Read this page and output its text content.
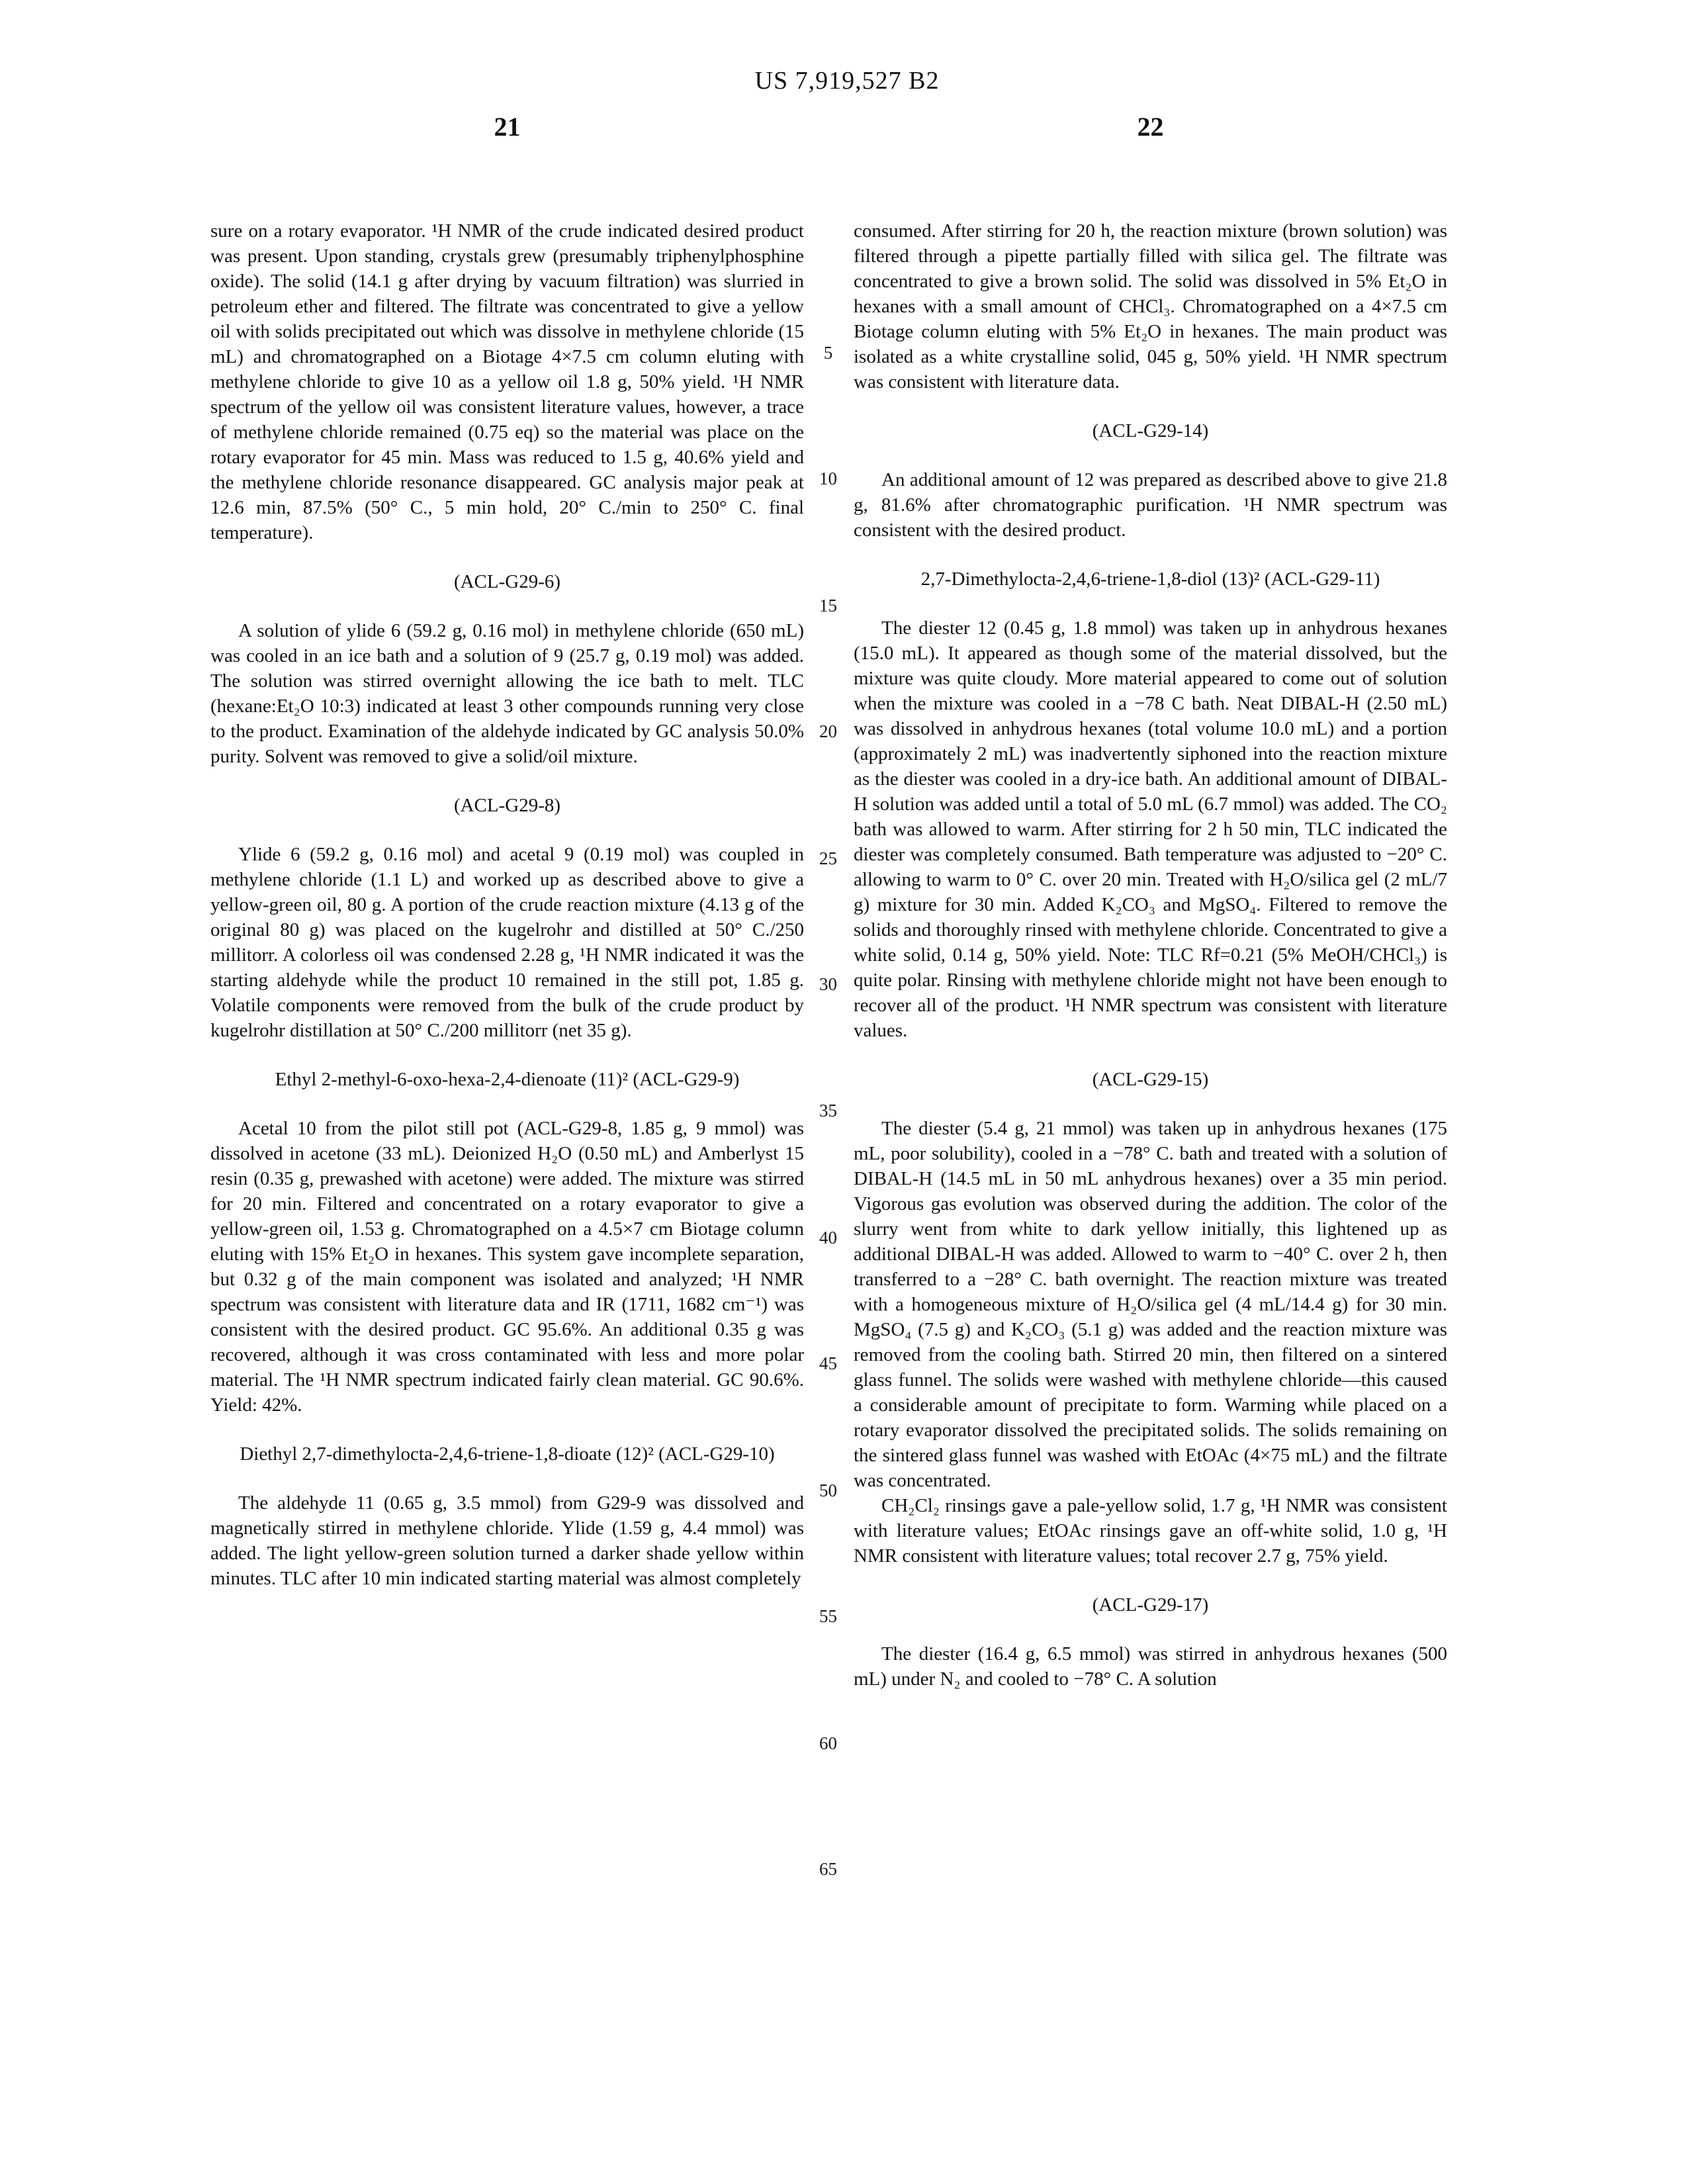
US 7,919,527 B2
21	22
5
10
15
20
25
30
35
40
45
50
55
60
65

sure on a rotary evaporator. ¹H NMR of the crude indicated desired product was present. Upon standing, crystals grew (presumably triphenylphosphine oxide). The solid (14.1 g after drying by vacuum filtration) was slurried in petroleum ether and filtered. The filtrate was concentrated to give a yellow oil with solids precipitated out which was dissolve in methylene chloride (15 mL) and chromatographed on a Biotage 4×7.5 cm column eluting with methylene chloride to give 10 as a yellow oil 1.8 g, 50% yield. ¹H NMR spectrum of the yellow oil was consistent literature values, however, a trace of methylene chloride remained (0.75 eq) so the material was place on the rotary evaporator for 45 min. Mass was reduced to 1.5 g, 40.6% yield and the methylene chloride resonance disappeared. GC analysis major peak at 12.6 min, 87.5% (50° C., 5 min hold, 20° C./min to 250° C. final temperature).

(ACL-G29-6)

A solution of ylide 6 (59.2 g, 0.16 mol) in methylene chloride (650 mL) was cooled in an ice bath and a solution of 9 (25.7 g, 0.19 mol) was added. The solution was stirred overnight allowing the ice bath to melt. TLC (hexane:Et₂O 10:3) indicated at least 3 other compounds running very close to the product. Examination of the aldehyde indicated by GC analysis 50.0% purity. Solvent was removed to give a solid/oil mixture.

(ACL-G29-8)

Ylide 6 (59.2 g, 0.16 mol) and acetal 9 (0.19 mol) was coupled in methylene chloride (1.1 L) and worked up as described above to give a yellow-green oil, 80 g. A portion of the crude reaction mixture (4.13 g of the original 80 g) was placed on the kugelrohr and distilled at 50° C./250 millitorr. A colorless oil was condensed 2.28 g, ¹H NMR indicated it was the starting aldehyde while the product 10 remained in the still pot, 1.85 g. Volatile components were removed from the bulk of the crude product by kugelrohr distillation at 50° C./200 millitorr (net 35 g).

Ethyl 2-methyl-6-oxo-hexa-2,4-dienoate (11)² (ACL-G29-9)

Acetal 10 from the pilot still pot (ACL-G29-8, 1.85 g, 9 mmol) was dissolved in acetone (33 mL). Deionized H₂O (0.50 mL) and Amberlyst 15 resin (0.35 g, prewashed with acetone) were added. The mixture was stirred for 20 min. Filtered and concentrated on a rotary evaporator to give a yellow-green oil, 1.53 g. Chromatographed on a 4.5×7 cm Biotage column eluting with 15% Et₂O in hexanes. This system gave incomplete separation, but 0.32 g of the main component was isolated and analyzed; ¹H NMR spectrum was consistent with literature data and IR (1711, 1682 cm⁻¹) was consistent with the desired product. GC 95.6%. An additional 0.35 g was recovered, although it was cross contaminated with less and more polar material. The ¹H NMR spectrum indicated fairly clean material. GC 90.6%. Yield: 42%.

Diethyl 2,7-dimethylocta-2,4,6-triene-1,8-dioate (12)² (ACL-G29-10)

The aldehyde 11 (0.65 g, 3.5 mmol) from G29-9 was dissolved and magnetically stirred in methylene chloride. Ylide (1.59 g, 4.4 mmol) was added. The light yellow-green solution turned a darker shade yellow within minutes. TLC after 10 min indicated starting material was almost completely

consumed. After stirring for 20 h, the reaction mixture (brown solution) was filtered through a pipette partially filled with silica gel. The filtrate was concentrated to give a brown solid. The solid was dissolved in 5% Et₂O in hexanes with a small amount of CHCl₃. Chromatographed on a 4×7.5 cm Biotage column eluting with 5% Et₂O in hexanes. The main product was isolated as a white crystalline solid, 045 g, 50% yield. ¹H NMR spectrum was consistent with literature data.

(ACL-G29-14)

An additional amount of 12 was prepared as described above to give 21.8 g, 81.6% after chromatographic purification. ¹H NMR spectrum was consistent with the desired product.

2,7-Dimethylocta-2,4,6-triene-1,8-diol (13)² (ACL-G29-11)

The diester 12 (0.45 g, 1.8 mmol) was taken up in anhydrous hexanes (15.0 mL). It appeared as though some of the material dissolved, but the mixture was quite cloudy. More material appeared to come out of solution when the mixture was cooled in a −78 C bath. Neat DIBAL-H (2.50 mL) was dissolved in anhydrous hexanes (total volume 10.0 mL) and a portion (approximately 2 mL) was inadvertently siphoned into the reaction mixture as the diester was cooled in a dry-ice bath. An additional amount of DIBAL-H solution was added until a total of 5.0 mL (6.7 mmol) was added. The CO₂ bath was allowed to warm. After stirring for 2 h 50 min, TLC indicated the diester was completely consumed. Bath temperature was adjusted to −20° C. allowing to warm to 0° C. over 20 min. Treated with H₂O/silica gel (2 mL/7 g) mixture for 30 min. Added K₂CO₃ and MgSO₄. Filtered to remove the solids and thoroughly rinsed with methylene chloride. Concentrated to give a white solid, 0.14 g, 50% yield. Note: TLC Rf=0.21 (5% MeOH/CHCl₃) is quite polar. Rinsing with methylene chloride might not have been enough to recover all of the product. ¹H NMR spectrum was consistent with literature values.

(ACL-G29-15)

The diester (5.4 g, 21 mmol) was taken up in anhydrous hexanes (175 mL, poor solubility), cooled in a −78° C. bath and treated with a solution of DIBAL-H (14.5 mL in 50 mL anhydrous hexanes) over a 35 min period. Vigorous gas evolution was observed during the addition. The color of the slurry went from white to dark yellow initially, this lightened up as additional DIBAL-H was added. Allowed to warm to −40° C. over 2 h, then transferred to a −28° C. bath overnight. The reaction mixture was treated with a homogeneous mixture of H₂O/silica gel (4 mL/14.4 g) for 30 min. MgSO₄ (7.5 g) and K₂CO₃ (5.1 g) was added and the reaction mixture was removed from the cooling bath. Stirred 20 min, then filtered on a sintered glass funnel. The solids were washed with methylene chloride—this caused a considerable amount of precipitate to form. Warming while placed on a rotary evaporator dissolved the precipitated solids. The solids remaining on the sintered glass funnel was washed with EtOAc (4×75 mL) and the filtrate was concentrated.

CH₂Cl₂ rinsings gave a pale-yellow solid, 1.7 g, ¹H NMR was consistent with literature values; EtOAc rinsings gave an off-white solid, 1.0 g, ¹H NMR consistent with literature values; total recover 2.7 g, 75% yield.

(ACL-G29-17)

The diester (16.4 g, 6.5 mmol) was stirred in anhydrous hexanes (500 mL) under N₂ and cooled to −78° C. A solution
